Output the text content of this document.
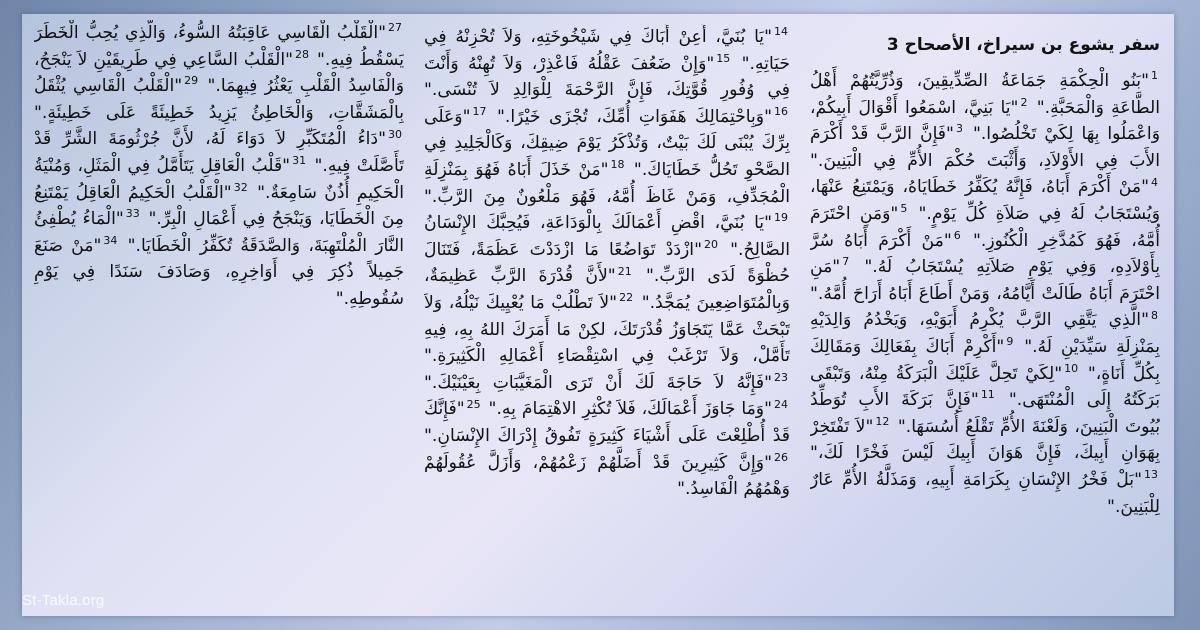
سفر يشوع بن سيراخ، الأصحاح 3
$^1$"بَنُو الْحِكْمَةِ جَمَاعَةُ الصِّدِّيقِينَ، وَذُرِّيَّتُهُمْ أَهْلُ الطَّاعَةِ وَالْمَحَبَّةِ." $^2$"يَا بَنِيَّ، اسْمَعُوا أَقْوَالَ أَبِيكُمْ، وَاعْمَلُوا بِهَا لِكَيْ تَخْلُصُوا." $^3$"فَإِنَّ الرَّبَّ قَدْ أَكْرَمَ الأَبَ فِي الأَوْلاَدِ، وَأَثْبَتَ حُكْمَ الأُمِّ فِي الْبَنِينَ." $^4$"مَنْ أَكْرَمَ أَبَاهُ، فَإِنَّهُ يُكَفِّرُ خَطَايَاهُ، وَيَمْتَنِعُ عَنْهَا، وَيُسْتَجَابُ لَهُ فِي صَلاَةِ كُلِّ يَوْمٍ." $^5$"وَمَنِ احْتَرَمَ أُمَّهُ، فَهُوَ كَمُدَّخِرِ الْكُنُوزِ." $^6$"مَنْ أَكْرَمَ أَبَاهُ سُرَّ بِأَوْلاَدِهِ، وَفِي يَوْمِ صَلاَتِهِ يُسْتَجَابُ لَهُ." $^7$"مَنِ احْتَرَمَ أَبَاهُ طَالَتْ أَيَّامُهُ، وَمَنْ أَطَاعَ أَبَاهُ أَرَاحَ أُمَّهُ." $^8$"الَّذِي يَتَّقِي الرَّبَّ يُكْرِمُ أَبَوَيْهِ، وَيَخْدُمُ وَالِدَيْهِ بِمَنْزِلَةِ سَيِّدَيْنِ لَهُ." $^9$"أَكْرِمْ أَبَاكَ بِفَعَالِكَ وَمَقَالِكَ بِكُلِّ أَنَاةٍ،" $^{10}$"لِكَيْ تَحِلَّ عَلَيْكَ الْبَرَكَةُ مِنْهُ، وَتَبْقَى بَرَكَتُهُ إِلَى الْمُنْتَهَى." $^{11}$"فَإِنَّ بَرَكَةَ الأَبِ تُوَطِّدُ بُيُوتَ الْبَنِينَ، وَلَعْنَةَ الأُمِّ تَقْلَعُ أُسُسَهَا." $^{12}$"لاَ تَفْتَخِرْ بِهَوَانِ أَبِيكَ، فَإِنَّ هَوَانَ أَبِيكَ لَيْسَ فَخْرًا لَكَ،" $^{13}$"بَلْ فَخْرُ الإِنْسَانِ بِكَرَامَةِ أَبِيهِ، وَمَذَلَّةُ الأُمِّ عَارٌ لِلْبَنِينَ."
$^{14}$"يَا بُنَيَّ، أَعِنْ أَبَاكَ فِي شَيْخُوخَتِهِ، وَلاَ تُحْزِنْهُ فِي حَيَاتِهِ." $^{15}$"وَإِنْ ضَعُفَ عَقْلُهُ فَاعْذِرْ، وَلاَ تُهِنْهُ وَأَنْتَ فِي وُفُورِ قُوَّتِكَ، فَإِنَّ الرَّحْمَةَ لِلْوَالِدِ لاَ تُنْسَى." $^{16}$"وَبِاحْتِمَالِكَ هَفَوَاتِ أُمِّكَ، تُجْزَى خَيْرًا." $^{17}$"وَعَلَى بِرِّكَ يُبْنَى لَكَ بَيْتٌ، وَتُذْكَرُ يَوْمَ ضِيقِكَ، وَكَالْجَلِيدِ فِي الصَّحْوِ تَحُلُّ خَطَايَاكَ." $^{18}$"مَنْ خَذَلَ أَبَاهُ فَهُوَ بِمَنْزِلَةِ الْمُجَدِّفِ، وَمَنْ غَاظَ أُمَّهُ، فَهُوَ مَلْعُونٌ مِنَ الرَّبِّ." $^{19}$"يَا بُنَيَّ، اقْضِ أَعْمَالَكَ بِالْوَدَاعَةِ، فَيُحِبَّكَ الإِنْسَانُ الصَّالِحُ." $^{20}$"ازْدَدْ تَوَاضُعًا مَا ازْدَدْتَ عَظَمَةً، فَتَنَالَ حُظْوَةً لَدَى الرَّبِّ." $^{21}$"لأَنَّ قُدْرَةَ الرَّبِّ عَظِيمَةٌ، وَبِالْمُتَوَاضِعِينَ يُمَجَّدُ." $^{22}$"لاَ تَطْلُبْ مَا يُعْيِيكَ نَيْلُهُ، وَلاَ تَبْحَثْ عَمَّا يَتَجَاوَزُ قُدْرَتَكَ، لكِنْ مَا أَمَرَكَ اللهُ بِهِ، فِيهِ تَأَمَّلْ، وَلاَ تَرْغَبْ فِي اسْتِقْصَاءِ أَعْمَالِهِ الْكَثِيرَةِ." $^{23}$"فَإِنَّهُ لاَ حَاجَةَ لَكَ أَنْ تَرَى الْمَغَيَّبَاتِ بِعَيْنَيْكَ." $^{24}$"وَمَا جَاوَزَ أَعْمَالَكَ، فَلاَ تُكْثِرِ الاهْتِمَامَ بِهِ." $^{25}$"فَإِنَّكَ قَدْ أُطْلِعْتَ عَلَى أَشْيَاءَ كَثِيرَةٍ تَفُوقُ إِدْرَاكَ الإِنْسَانِ." $^{26}$"وَإِنَّ كَثِيرِينَ قَدْ أَضَلَّهُمْ زَعْمُهُمْ، وَأَزَلَّ عُقُولَهُمْ وَهْمُهُمُ الْفَاسِدُ."
$^{27}$"الْقَلْبُ الْقَاسِي عَاقِبَتُهُ السُّوءُ، وَالَّذِي يُحِبُّ الْخَطَرَ يَسْقُطُ فِيهِ." $^{28}$"الْقَلْبُ السَّاعِي فِي طَرِيقَيْنِ لاَ يَنْجَحُ، وَالْفَاسِدُ الْقَلْبِ يَعْثُرُ فِيهِمَا." $^{29}$"الْقَلْبُ الْقَاسِي يُثْقَلُ بِالْمَشَقَّاتِ، وَالْخَاطِئُ يَزِيدُ خَطِيئَةً عَلَى خَطِيئَةٍ." $^{30}$"دَاءُ الْمُتَكَبِّرِ لاَ دَوَاءَ لَهُ، لأَنَّ جُرْثُومَةَ الشَّرِّ قَدْ تَأَصَّلَتْ فِيهِ." $^{31}$"قَلْبُ الْعَاقِلِ يَتَأَمَّلُ فِي الْمَثَلِ، وَمُنْيَةُ الْحَكِيمِ أُذُنٌ سَامِعَةٌ." $^{32}$"الْقَلْبُ الْحَكِيمُ الْعَاقِلُ يَمْتَنِعُ مِنَ الْخَطَايَا، وَيَنْجَحُ فِي أَعْمَالِ الْبِرِّ." $^{33}$"الْمَاءُ يُطْفِئُ النَّارَ الْمُلْتَهِبَةَ، وَالصَّدَقَةُ تُكَفِّرُ الْخَطَايَا." $^{34}$"مَنْ صَنَعَ جَمِيلاً ذُكِرَ فِي أَوَاخِرِهِ، وَصَادَفَ سَنَدًا فِي يَوْمِ سُقُوطِهِ."
St-Takla.org
